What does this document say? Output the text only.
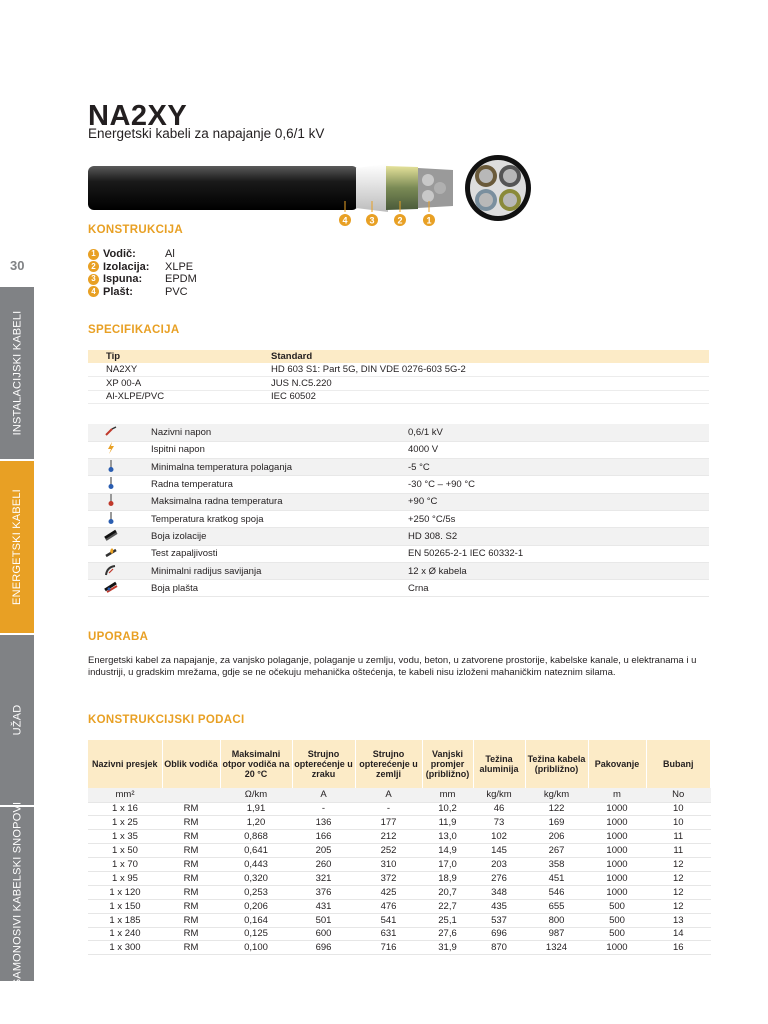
30
INSTALACIJSKI KABELI
ENERGETSKI KABELI
UŽAD
SAMONOSIVI KABELSKI SNOPOVI
NA2XY
Energetski kabeli za napajanje 0,6/1 kV
4 3	2	1
KONSTRUKCIJA
1 Vodič:	Al
2 Izolacija:	XLPE
3 Ispuna:	EPDM
4 Plašt:	PVC
SPECIFIKACIJA
Tip	Standard
NA2XY	HD 603 S1: Part 5G, DIN VDE 0276-603 5G-2
XP 00-A	JUS N.C5.220
Al-XLPE/PVC	IEC 60502
	Nazivni napon	0,6/1 kV
	Ispitni napon	4000 V
	Minimalna temperatura polaganja	-5 °C
	Radna temperatura	-30 °C – +90 °C
	Maksimalna radna temperatura	+90 °C
	Temperatura kratkog spoja	+250 °C/5s
	Boja izolacije	HD 308. S2
	Test zapaljivosti	EN 50265-2-1 IEC 60332-1
	Minimalni radijus savijanja	12 x Ø kabela
	Boja plašta	Crna
UPORABA

Energetski kabel za napajanje, za vanjsko polaganje, polaganje u zemlju, vodu, beton, u zatvorene prostorije, kabelske kanale, u elektranama i u industriji, u gradskim mrežama, gdje se ne očekuju mehanička oštećenja, te kabeli nisu izloženi mahaničkim nateznim silama.

KONSTRUKCIJSKI PODACI
Nazivni presjek	Oblik vodiča	Maksimalni otpor vodiča na 20 °C	Strujno opterećenje u zraku	Strujno opterećenje u zemlji	Vanjski promjer (približno)	Težina aluminija	Težina kabela (približno)	Pakovanje	Bubanj
mm²		Ω/km	A	A	mm	kg/km	kg/km	m	No
1 x 16	RM	1,91	-	-	10,2	46	122	1000	10
1 x 25	RM	1,20	136	177	11,9	73	169	1000	10
1 x 35	RM	0,868	166	212	13,0	102	206	1000	11
1 x 50	RM	0,641	205	252	14,9	145	267	1000	11
1 x 70	RM	0,443	260	310	17,0	203	358	1000	12
1 x 95	RM	0,320	321	372	18,9	276	451	1000	12
1 x 120	RM	0,253	376	425	20,7	348	546	1000	12
1 x 150	RM	0,206	431	476	22,7	435	655	500	12
1 x 185	RM	0,164	501	541	25,1	537	800	500	13
1 x 240	RM	0,125	600	631	27,6	696	987	500	14
1 x 300	RM	0,100	696	716	31,9	870	1324	1000	16
